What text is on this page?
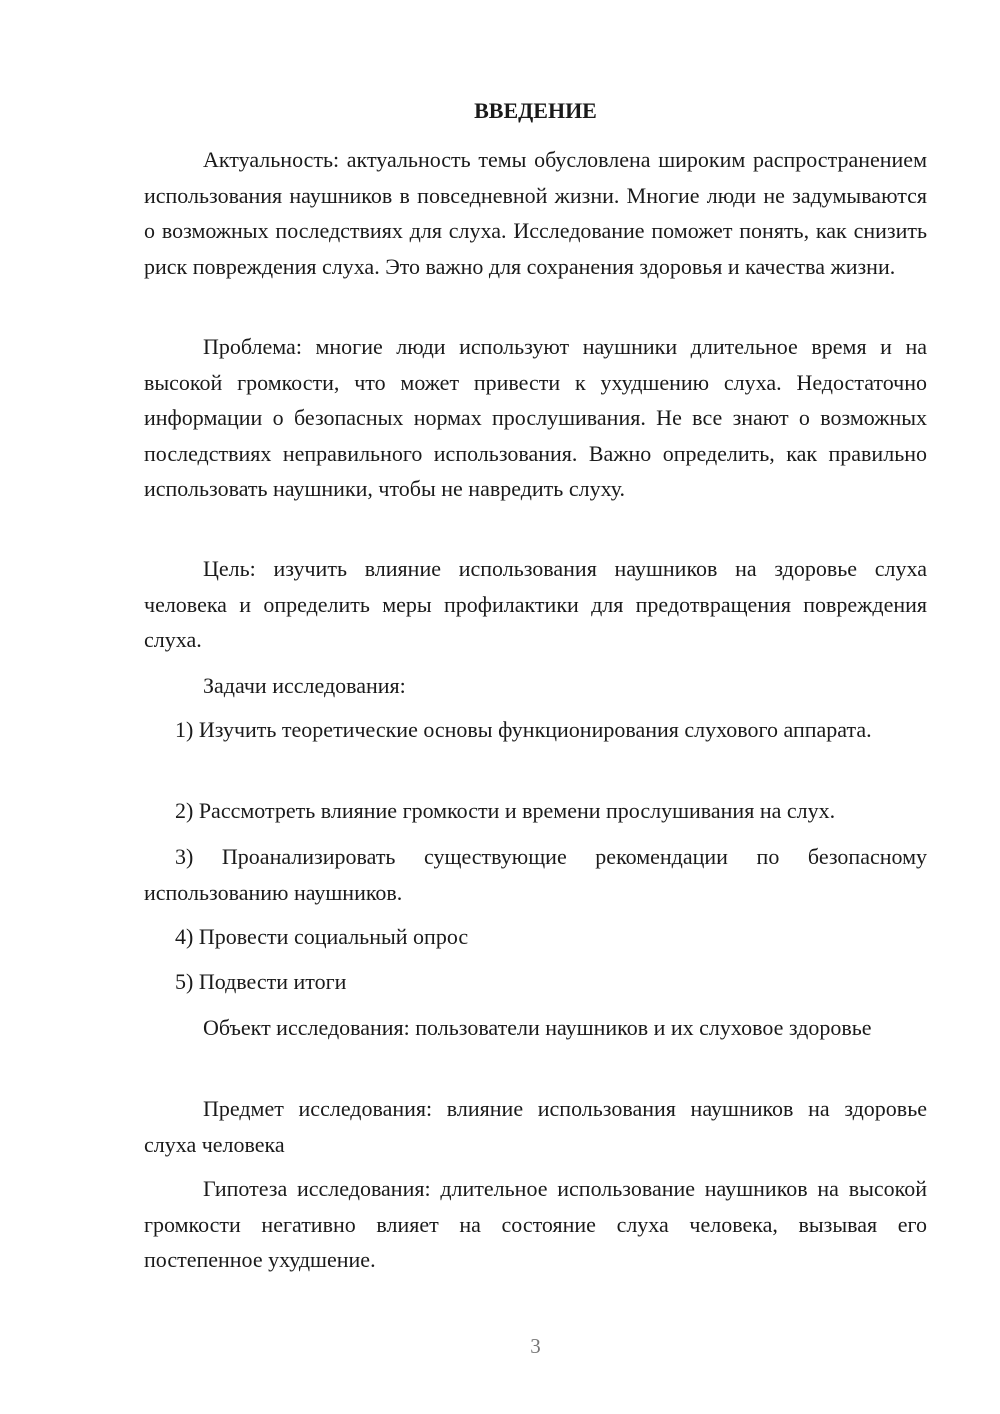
ВВЕДЕНИЕ

Актуальность: актуальность темы обусловлена широким распространением использования наушников в повседневной жизни. Многие люди не задумываются о возможных последствиях для слуха. Исследование поможет понять, как снизить риск повреждения слуха. Это важно для сохранения здоровья и качества жизни.

Проблема: многие люди используют наушники длительное время и на высокой громкости, что может привести к ухудшению слуха. Недостаточно информации о безопасных нормах прослушивания. Не все знают о возможных последствиях неправильного использования. Важно определить, как правильно использовать наушники, чтобы не навредить слуху.

Цель: изучить влияние использования наушников на здоровье слуха человека и определить меры профилактики для предотвращения повреждения слуха.

Задачи исследования:

1) Изучить теоретические основы функционирования слухового аппарата.

2) Рассмотреть влияние громкости и времени прослушивания на слух.

3) Проанализировать существующие рекомендации по безопасному использованию наушников.

4) Провести социальный опрос

5) Подвести итоги

Объект исследования: пользователи наушников и их слуховое здоровье

Предмет исследования: влияние использования наушников на здоровье слуха человека

Гипотеза исследования: длительное использование наушников на высокой громкости негативно влияет на состояние слуха человека, вызывая его постепенное ухудшение.

3
